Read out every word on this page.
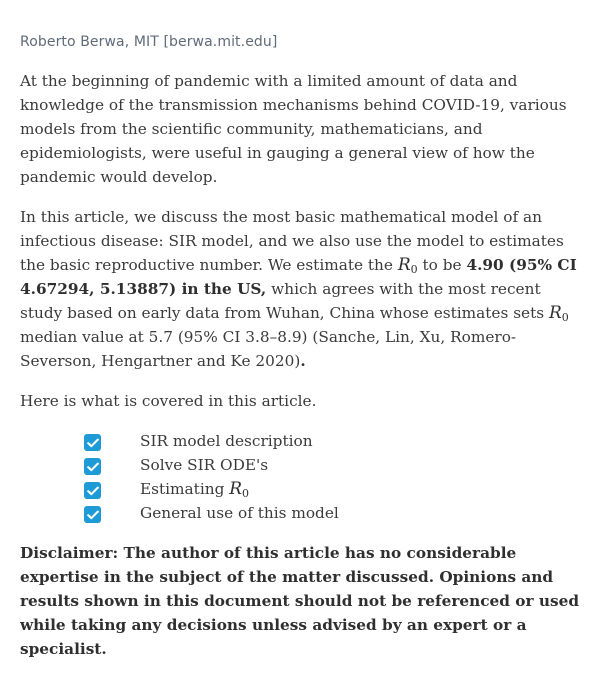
Roberto Berwa, MIT [berwa.mit.edu]

At the beginning of pandemic with a limited amount of data and knowledge of the transmission mechanisms behind COVID-19, various models from the scientific community, mathematicians, and epidemiologists, were useful in gauging a general view of how the pandemic would develop.

In this article, we discuss the most basic mathematical model of an infectious disease: SIR model, and we also use the model to estimates the basic reproductive number. We estimate the $R_0$ to be 4.90 (95% CI 4.67294, 5.13887) in the US, which agrees with the most recent study based on early data from Wuhan, China whose estimates sets $R_0$ median value at 5.7 (95% CI 3.8–8.9) (Sanche, Lin, Xu, Romero-Severson, Hengartner and Ke 2020).

Here is what is covered in this article.

SIR model description
Solve SIR ODE's
Estimating $R_0$
General use of this model

Disclaimer: The author of this article has no considerable expertise in the subject of the matter discussed. Opinions and results shown in this document should not be referenced or used while taking any decisions unless advised by an expert or a specialist.
